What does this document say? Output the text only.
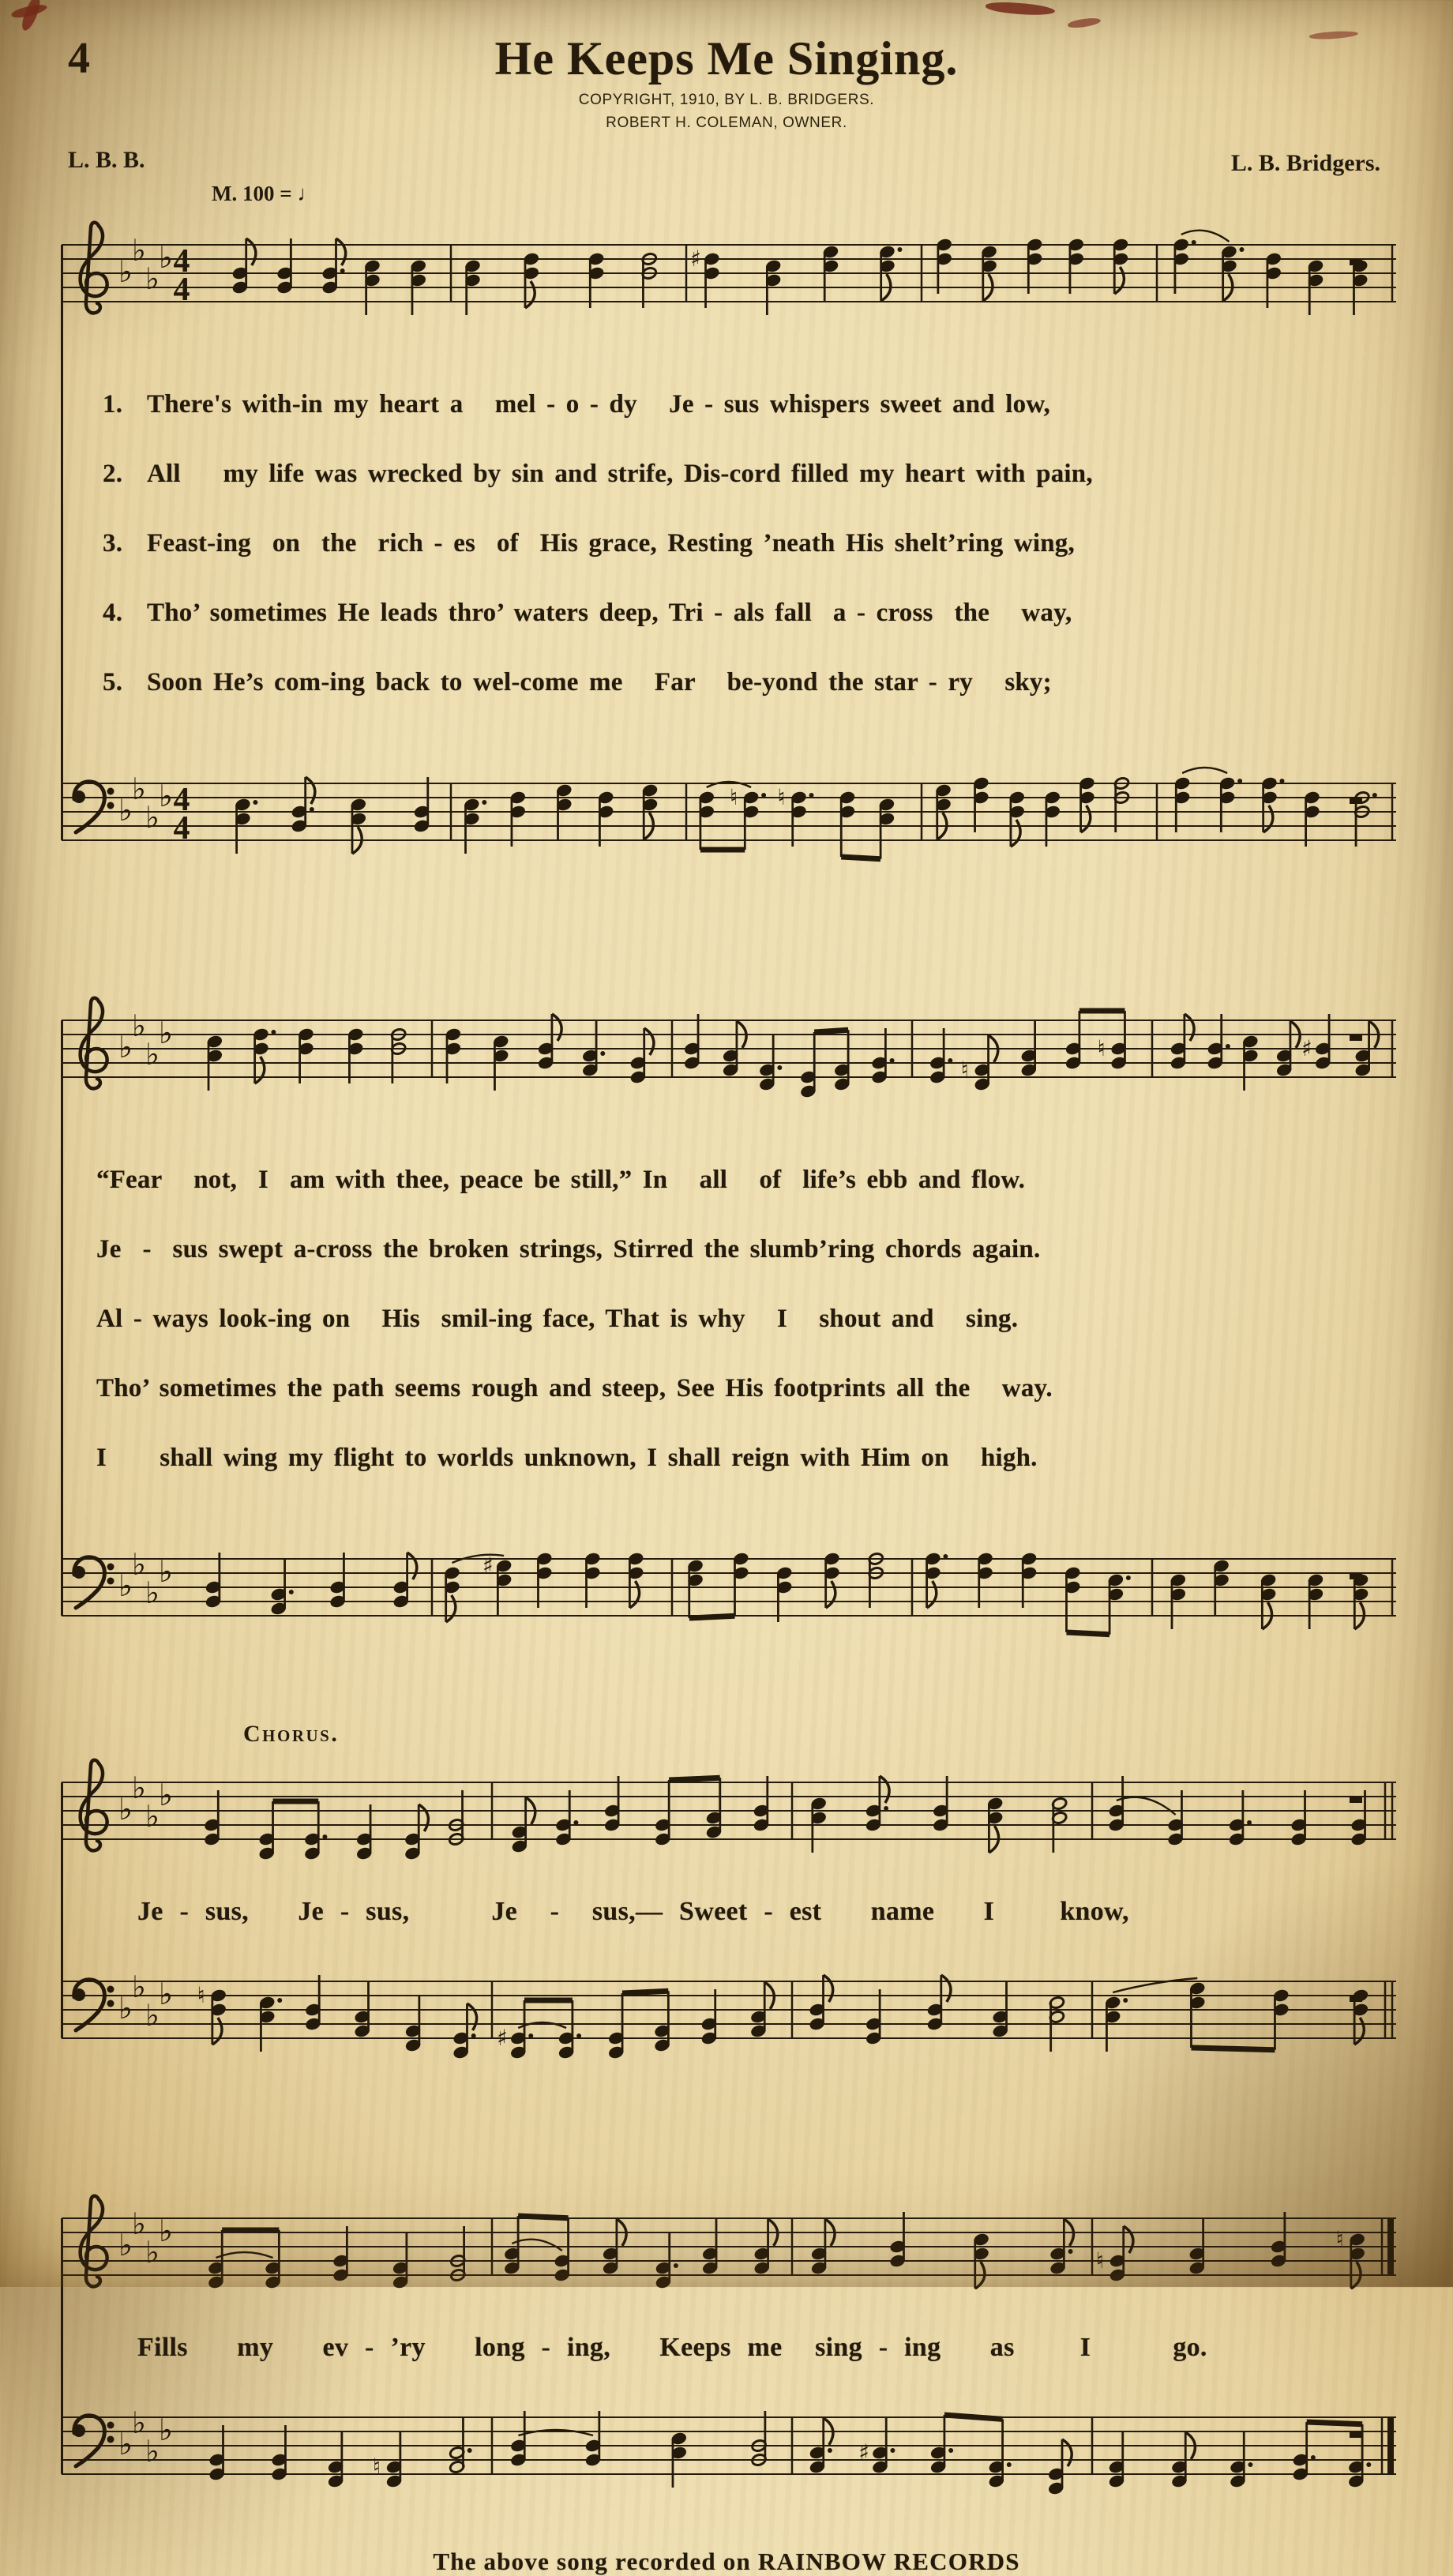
4	He Keeps Me Singing.
COPYRIGHT, 1910, BY L. B. BRIDGERS.
ROBERT H. COLEMAN, OWNER.
L. B. B.	L. B. Bridgers.
M. 100 = ♩
♭
♭
♭
♭ 4
4
♯

1. There's with-in my heart a   mel - o - dy   Je - sus whispers sweet and low,

2. All    my life was wrecked by sin and strife, Dis-cord filled my heart with pain,

3. Feast-ing  on  the  rich - es  of  His grace, Resting ’neath His shelt’ring wing,

4. Tho’ sometimes He leads thro’ waters deep, Tri - als fall  a - cross  the   way,

5. Soon He’s com-ing back to wel-come me   Far   be-yond the star - ry   sky;

♭
♭
♭
♭ 4
4
♮ ♮
♭
♭
♭
♭
♮
♮	♯

“Fear   not,  I  am with thee, peace be still,” In   all   of  life’s ebb and flow.

Je  -  sus swept a-cross the broken strings, Stirred the slumb’ring chords again.

Al - ways look-ing on   His  smil-ing face, That is why   I   shout and   sing.

Tho’ sometimes the path seems rough and steep, See His footprints all the   way.

I     shall wing my flight to worlds unknown, I shall reign with Him on   high.

♭
♭
♭
♭	♯
Chorus.
♭
♭
♭
♭
Je - sus,   Je - sus,     Je  -  sus,— Sweet - est   name   I    know,
♭
♭
♭
♭ ♮
♯
♭
♭
♭
♭
♮
♮
Fills   my   ev - ’ry   long - ing,   Keeps me  sing - ing   as    I     go.
♭
♭
♭
♭
♮
♯
The above song recorded on RAINBOW RECORDS
